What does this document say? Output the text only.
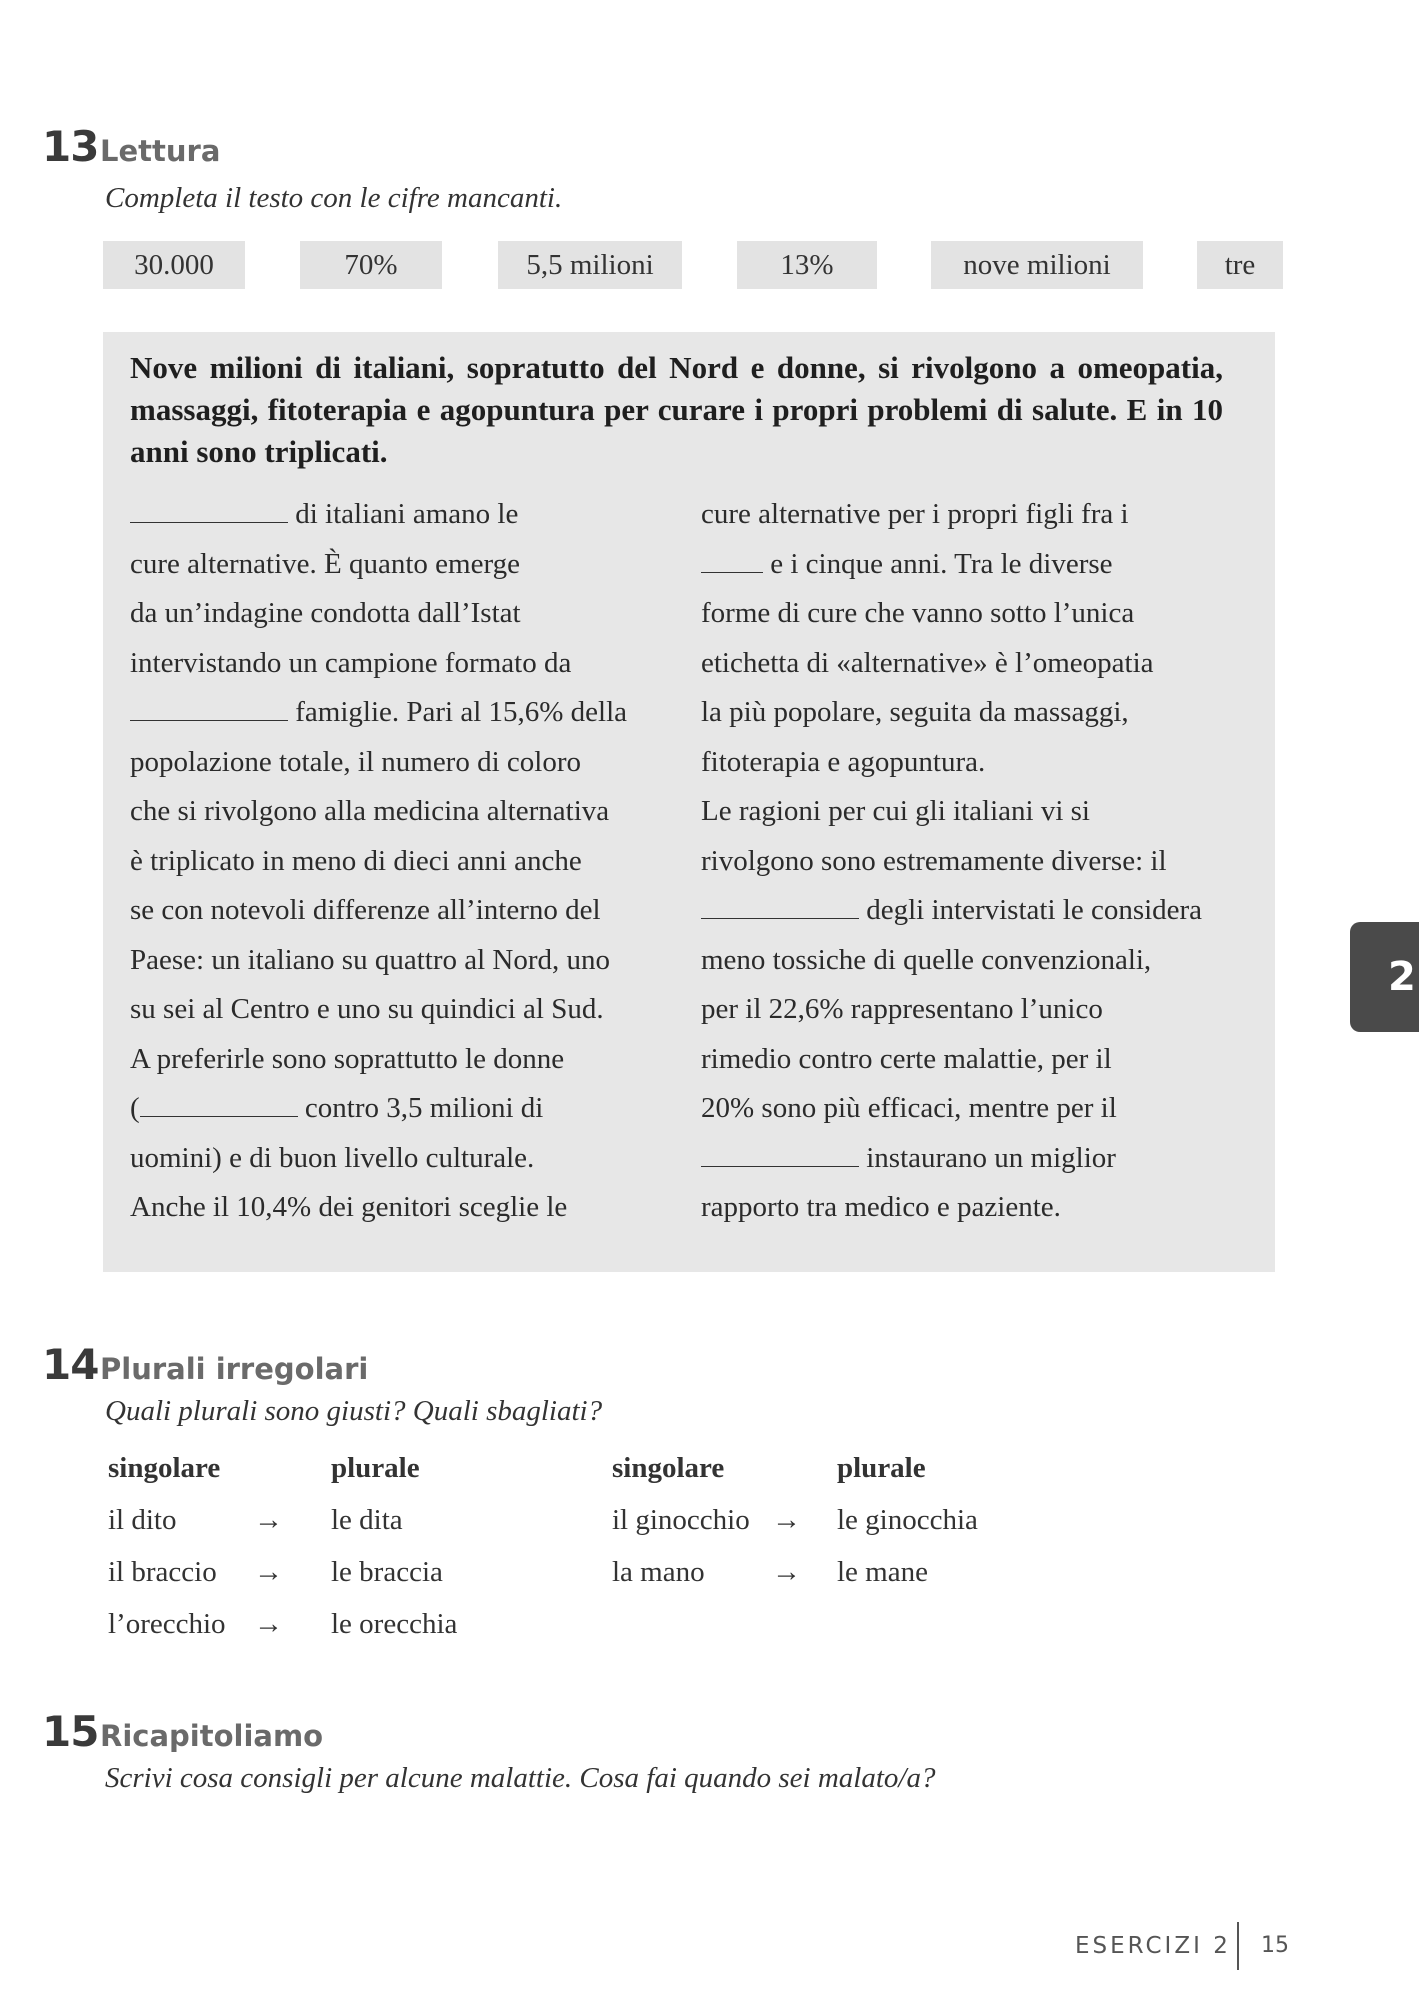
13 Lettura
Completa il testo con le cifre mancanti.
30.000	70%	5,5 milioni	13%	nove milioni	tre
Nove milioni di italiani, sopratutto del Nord e donne, si rivolgono a omeopatia, massaggi, fitoterapia e agopuntura per curare i propri problemi di salute. E in 10 anni sono triplicati.
di italiani amano le
cure alternative. È quanto emerge
da un’indagine condotta dall’Istat
intervistando un campione formato da
famiglie. Pari al 15,6% della
popolazione totale, il numero di coloro
che si rivolgono alla medicina alternativa
è triplicato in meno di dieci anni anche
se con notevoli differenze all’interno del
Paese: un italiano su quattro al Nord, uno
su sei al Centro e uno su quindici al Sud.
A preferirle sono soprattutto le donne
(	contro 3,5 milioni di
uomini) e di buon livello culturale.
Anche il 10,4% dei genitori sceglie le
cure alternative per i propri figli fra i
e i cinque anni. Tra le diverse
forme di cure che vanno sotto l’unica
etichetta di «alternative» è l’omeopatia
la più popolare, seguita da massaggi,
fitoterapia e agopuntura.
Le ragioni per cui gli italiani vi si
rivolgono sono estremamente diverse: il
degli intervistati le considera
meno tossiche di quelle convenzionali,
per il 22,6% rappresentano l’unico
rimedio contro certe malattie, per il
20% sono più efficaci, mentre per il
instaurano un miglior
rapporto tra medico e paziente.
2
14 Plurali irregolari
Quali plurali sono giusti? Quali sbagliati?
singolare	plurale	singolare	plurale
il dito	→ le dita
il braccio → le braccia
l’orecchio → le orecchia
il ginocchio → le ginocchia
la mano → le mane
15 Ricapitoliamo
Scrivi cosa consigli per alcune malattie. Cosa fai quando sei malato/a?
ESERCIZI 2 15
